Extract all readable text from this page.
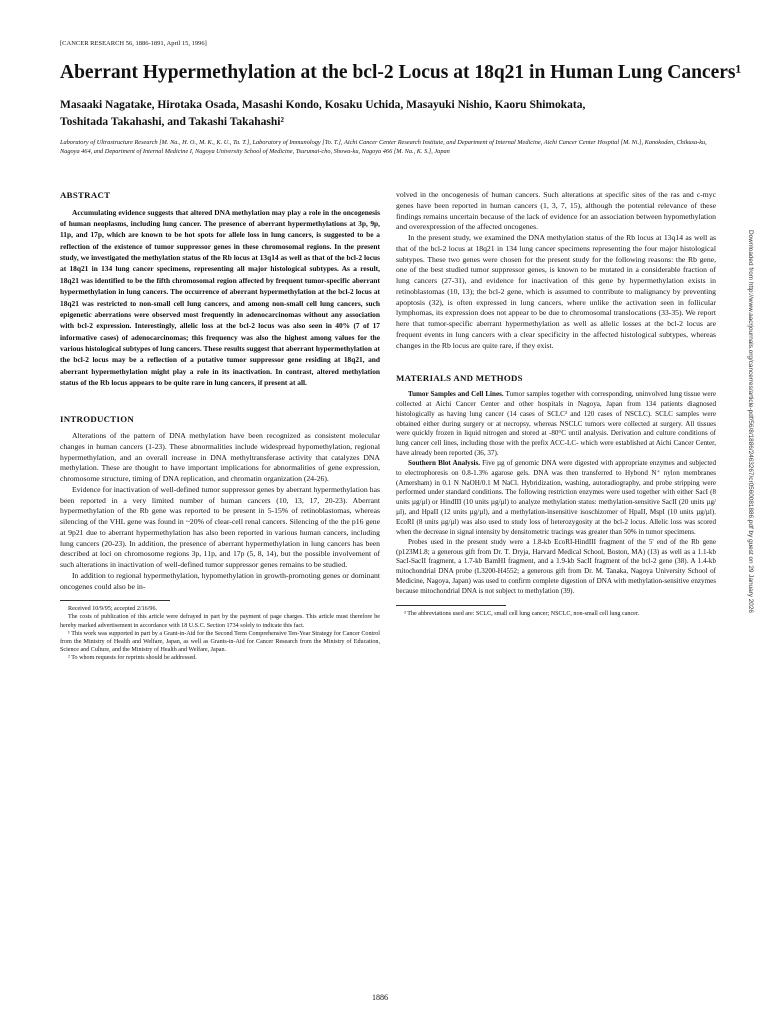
[CANCER RESEARCH 56, 1886-1891, April 15, 1996]
Aberrant Hypermethylation at the bcl-2 Locus at 18q21 in Human Lung Cancers¹
Masaaki Nagatake, Hirotaka Osada, Masashi Kondo, Kosaku Uchida, Masayuki Nishio, Kaoru Shimokata,
Toshitada Takahashi, and Takashi Takahashi²
Laboratory of Ultrastructure Research [M. Na., H. O., M. K., K. U., Ta. T.], Laboratory of Immunology [To. T.], Aichi Cancer Center Research Institute, and Department of Internal Medicine, Aichi Cancer Center Hospital [M. Ni.], Kanokoden, Chikusa-ku, Nagoya 464, and Department of Internal Medicine I, Nagoya University School of Medicine, Tsurumai-cho, Showa-ku, Nagoya 466 [M. Na., K. S.], Japan
ABSTRACT

Accumulating evidence suggests that altered DNA methylation may play a role in the oncogenesis of human neoplasms, including lung cancer. The presence of aberrant hypermethylations at 3p, 9p, 11p, and 17p, which are known to be hot spots for allele loss in lung cancers, is suggested to be a reflection of the existence of tumor suppressor genes in these chromosomal regions. In the present study, we investigated the methylation status of the Rb locus at 13q14 as well as that of the bcl-2 locus at 18q21 in 134 lung cancer specimens, representing all major histological subtypes. As a result, 18q21 was identified to be the fifth chromosomal region affected by frequent tumor-specific aberrant hypermethylation in lung cancers. The occurrence of aberrant hypermethylation at the bcl-2 locus at 18q21 was restricted to non-small cell lung cancers, and among non-small cell lung cancers, such epigenetic aberrations were observed most frequently in adenocarcinomas without any association with bcl-2 expression. Interestingly, allelic loss at the bcl-2 locus was also seen in 40% (7 of 17 informative cases) of adenocarcinomas; this frequency was also the highest among values for the various histological subtypes of lung cancers. These results suggest that aberrant hypermethylation at the bcl-2 locus may be a reflection of a putative tumor suppressor gene residing at 18q21, and aberrant hypermethylation might play a role in its inactivation. In contrast, altered methylation status of the Rb locus appears to be quite rare in lung cancers, if present at all.

INTRODUCTION

Alterations of the pattern of DNA methylation have been recognized as consistent molecular changes in human cancers (1-23). These abnormalities include widespread hypomethylation, regional hypermethylation, and an overall increase in DNA methyltransferase activity that catalyzes DNA methylation. These are thought to have important implications for abnormalities of gene expression, chromosome structure, timing of DNA replication, and chromatin organization (24-26).

Evidence for inactivation of well-defined tumor suppressor genes by aberrant hypermethylation has been reported in a very limited number of human cancers (10, 13, 17, 20-23). Aberrant hypermethylation of the Rb gene was reported to be present in 5-15% of retinoblastomas, whereas silencing of the VHL gene was found in ~20% of clear-cell renal cancers. Silencing of the the p16 gene at 9p21 due to aberrant hypermethylation has also been reported in various human cancers, including lung cancers (20-23). In addition, the presence of aberrant hypermethylation in lung cancers has been described at loci on chromosome regions 3p, 11p, and 17p (5, 8, 14), but the possible involvement of such alterations in inactivation of well-defined tumor suppressor genes remains to be studied.

In addition to regional hypermethylation, hypomethylation in growth-promoting genes or dominant oncogenes could also be in-

Received 10/9/95; accepted 2/16/96.

The costs of publication of this article were defrayed in part by the payment of page charges. This article must therefore be hereby marked advertisement in accordance with 18 U.S.C. Section 1734 solely to indicate this fact.

¹ This work was supported in part by a Grant-in-Aid for the Second Term Comprehensive Ten-Year Strategy for Cancer Control from the Ministry of Health and Welfare, Japan, as well as Grants-in-Aid for Cancer Research from the Ministry of Education, Science and Culture, and the Ministry of Health and Welfare, Japan.

² To whom requests for reprints should be addressed.

volved in the oncogenesis of human cancers. Such alterations at specific sites of the ras and c-myc genes have been reported in human cancers (1, 3, 7, 15), although the potential relevance of these findings remains uncertain because of the lack of evidence for an association between hypomethylation and overexpression of the affected oncogenes.

In the present study, we examined the DNA methylation status of the Rb locus at 13q14 as well as that of the bcl-2 locus at 18q21 in 134 lung cancer specimens representing the four major histological subtypes. These two genes were chosen for the present study for the following reasons: the Rb gene, one of the best studied tumor suppressor genes, is known to be mutated in a considerable fraction of lung cancers (27-31), and evidence for inactivation of this gene by hypermethylation exists in retinoblastomas (10, 13); the bcl-2 gene, which is assumed to contribute to malignancy by preventing apoptosis (32), is often expressed in lung cancers, where unlike the activation seen in follicular lymphomas, its expression does not appear to be due to chromosomal translocations (33-35). We report here that tumor-specific aberrant hypermethylation as well as allelic losses at the bcl-2 locus are frequent events in lung cancers with a clear specificity in the affected histological subtypes, whereas changes in the Rb locus are quite rare, if they exist.

MATERIALS AND METHODS

Tumor Samples and Cell Lines. Tumor samples together with corresponding, uninvolved lung tissue were collected at Aichi Cancer Center and other hospitals in Nagoya, Japan from 134 patients diagnosed histologically as having lung cancer (14 cases of SCLC³ and 120 cases of NSCLC). SCLC samples were obtained either during surgery or at necropsy, whereas NSCLC tumors were collected at surgery. All tissues were quickly frozen in liquid nitrogen and stored at -80°C until analysis. Derivation and culture conditions of lung cancer cell lines, including those with the prefix ACC-LC- which were established at Aichi Cancer Center, have already been reported (36, 37).

Southern Blot Analysis. Five µg of genomic DNA were digested with appropriate enzymes and subjected to electrophoresis on 0.8-1.3% agarose gels. DNA was then transferred to Hybond N⁺ nylon membranes (Amersham) in 0.1 N NaOH/0.1 M NaCl. Hybridization, washing, autoradiography, and probe stripping were performed under standard conditions. The following restriction enzymes were used together with either SacI (8 units µg/µl) or HindIII (10 units µg/µl) to analyze methylation status: methylation-sensitive SacII (20 units µg/µl), and HpaII (12 units µg/µl), and a methylation-insensitive isoschizomer of HpaII, MspI (10 units µg/µl). EcoRI (8 units µg/µl) was also used to study loss of heterozygosity at the bcl-2 locus. Allelic loss was scored when the decrease in signal intensity by densitometric tracings was greater than 50% in tumor specimens.

Probes used in the present study were a 1.8-kb EcoRI-HindIII fragment of the 5' end of the Rb gene (p123M1.8; a generous gift from Dr. T. Dryja, Harvard Medical School, Boston, MA) (13) as well as a 1.1-kb SacI-SacII fragment, a 1.7-kb BamHI fragment, and a 1.9-kb SacII fragment of the bcl-2 gene (38). A 1.4-kb mitochondrial DNA probe (L3200-H4552; a generous gift from Dr. M. Tanaka, Nagoya University School of Medicine, Nagoya, Japan) was used to confirm complete digestion of DNA with methylation-sensitive enzymes because mitochondrial DNA is not subject to methylation (39).

³ The abbreviations used are: SCLC, small cell lung cancer; NSCLC, non-small cell lung cancer.

1886
Downloaded from http://www.aacrjournals.org/cancerres/article-pdf/56/8/1886/2463267/cr0560081886.pdf by guest on 29 January 2026
